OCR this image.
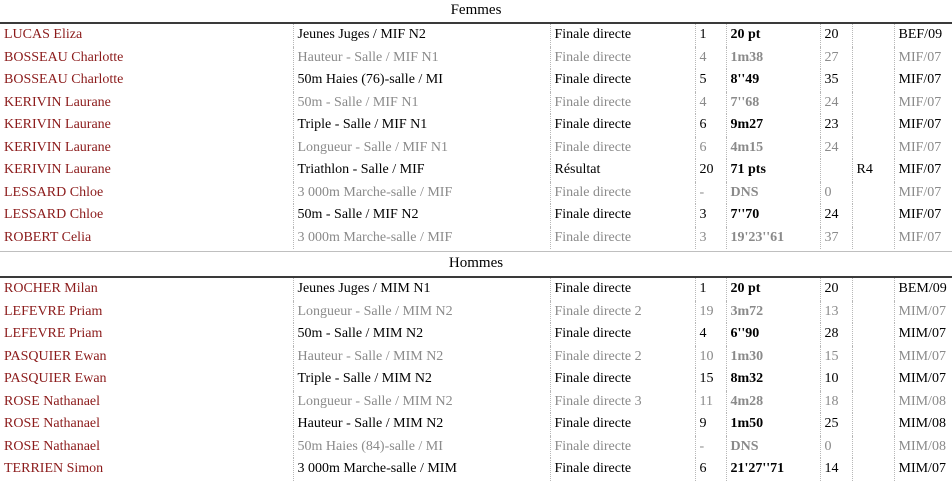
Femmes
LUCAS Eliza	Jeunes Juges / MIF N2	Finale directe	1	20 pt	20		BEF/09
BOSSEAU Charlotte	Hauteur - Salle / MIF N1	Finale directe	4	1m38	27		MIF/07
BOSSEAU Charlotte	50m Haies (76)-salle / MI	Finale directe	5	8''49	35		MIF/07
KERIVIN Laurane	50m - Salle / MIF N1	Finale directe	4	7''68	24		MIF/07
KERIVIN Laurane	Triple - Salle / MIF N1	Finale directe	6	9m27	23		MIF/07
KERIVIN Laurane	Longueur - Salle / MIF N1	Finale directe	6	4m15	24		MIF/07
KERIVIN Laurane	Triathlon - Salle / MIF	Résultat	20	71 pts		R4	MIF/07
LESSARD Chloe	3 000m Marche-salle / MIF	Finale directe	-	DNS	0		MIF/07
LESSARD Chloe	50m - Salle / MIF N2	Finale directe	3	7''70	24		MIF/07
ROBERT Celia	3 000m Marche-salle / MIF	Finale directe	3	19'23''61	37		MIF/07
Hommes
ROCHER Milan	Jeunes Juges / MIM N1	Finale directe	1	20 pt	20		BEM/09
LEFEVRE Priam	Longueur - Salle / MIM N2	Finale directe 2	19	3m72	13		MIM/07
LEFEVRE Priam	50m - Salle / MIM N2	Finale directe	4	6''90	28		MIM/07
PASQUIER Ewan	Hauteur - Salle / MIM N2	Finale directe 2	10	1m30	15		MIM/07
PASQUIER Ewan	Triple - Salle / MIM N2	Finale directe	15	8m32	10		MIM/07
ROSE Nathanael	Longueur - Salle / MIM N2	Finale directe 3	11	4m28	18		MIM/08
ROSE Nathanael	Hauteur - Salle / MIM N2	Finale directe	9	1m50	25		MIM/08
ROSE Nathanael	50m Haies (84)-salle / MI	Finale directe	-	DNS	0		MIM/08
TERRIEN Simon	3 000m Marche-salle / MIM	Finale directe	6	21'27''71	14		MIM/07
